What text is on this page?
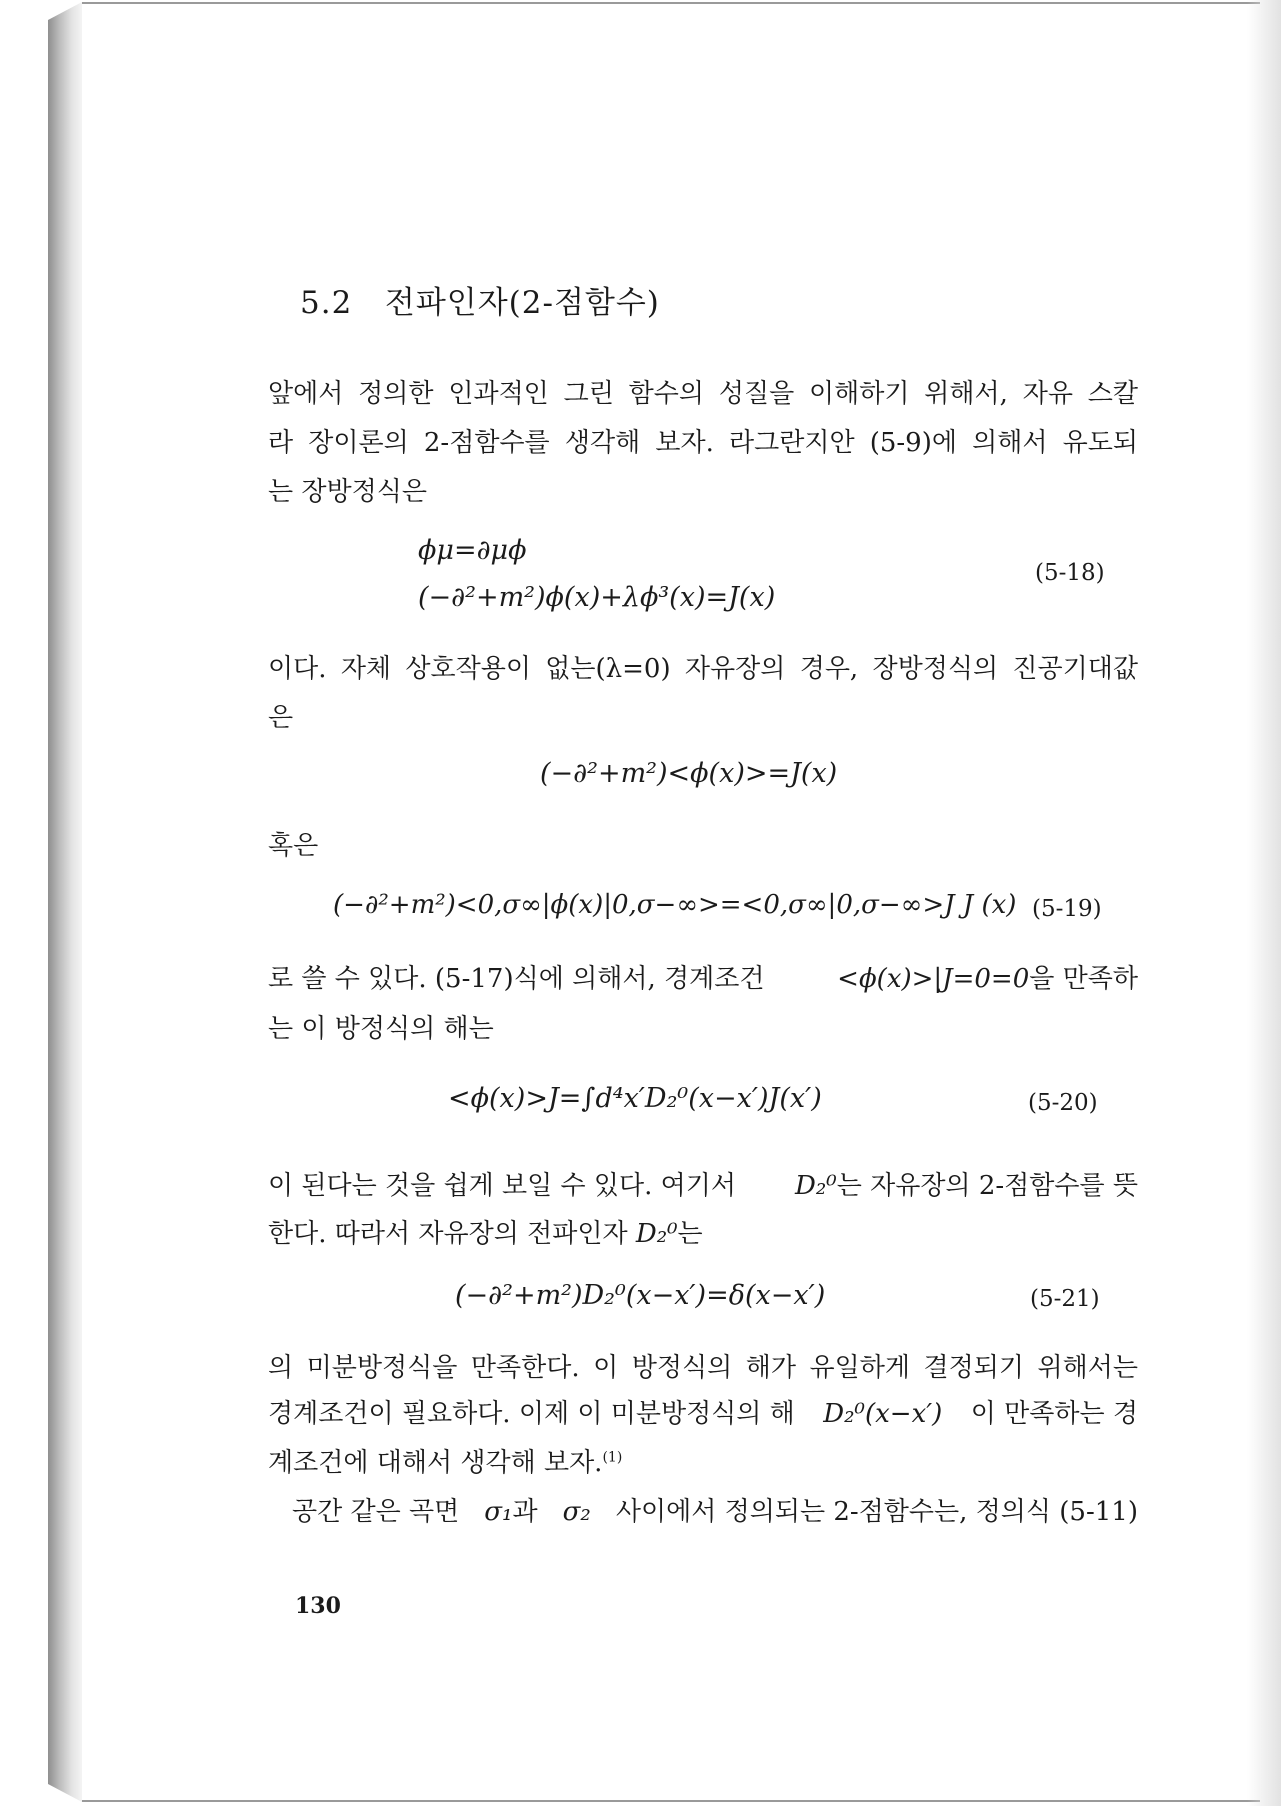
5.2 전파인자(2-점함수)
앞에서 정의한 인과적인 그린 함수의 성질을 이해하기 위해서, 자유 스칼
라 장이론의 2-점함수를 생각해 보자. 라그란지안 (5-9)에 의해서 유도되
는 장방정식은
ϕμ=∂μϕ
(−∂²+m²)ϕ(x)+λϕ³(x)=J(x)
(5-18)
이다. 자체 상호작용이 없는(λ=0) 자유장의 경우, 장방정식의 진공기대값
은
(−∂²+m²)<ϕ(x)>=J(x)
혹은
(−∂²+m²)<0,σ∞|ϕ(x)|0,σ−∞>=<0,σ∞|0,σ−∞>J J (x) (5-19)
로 쓸 수 있다. (5-17)식에 의해서, 경계조건	<ϕ(x)>|J=0=0을 만족하
는 이 방정식의 해는
<ϕ(x)>J=∫d⁴x′D₂⁰(x−x′)J(x′)	(5-20)
이 된다는 것을 쉽게 보일 수 있다. 여기서 D₂⁰는 자유장의 2-점함수를 뜻
한다. 따라서 자유장의 전파인자 D₂⁰는
(−∂²+m²)D₂⁰(x−x′)=δ(x−x′)	(5-21)
의 미분방정식을 만족한다. 이 방정식의 해가 유일하게 결정되기 위해서는
경계조건이 필요하다. 이제 이 미분방정식의 해 D₂⁰(x−x′) 이 만족하는 경
계조건에 대해서 생각해 보자.$^{(1)}$
공간 같은 곡면 σ₁과 σ₂ 사이에서 정의되는 2-점함수는, 정의식 (5-11)
130
